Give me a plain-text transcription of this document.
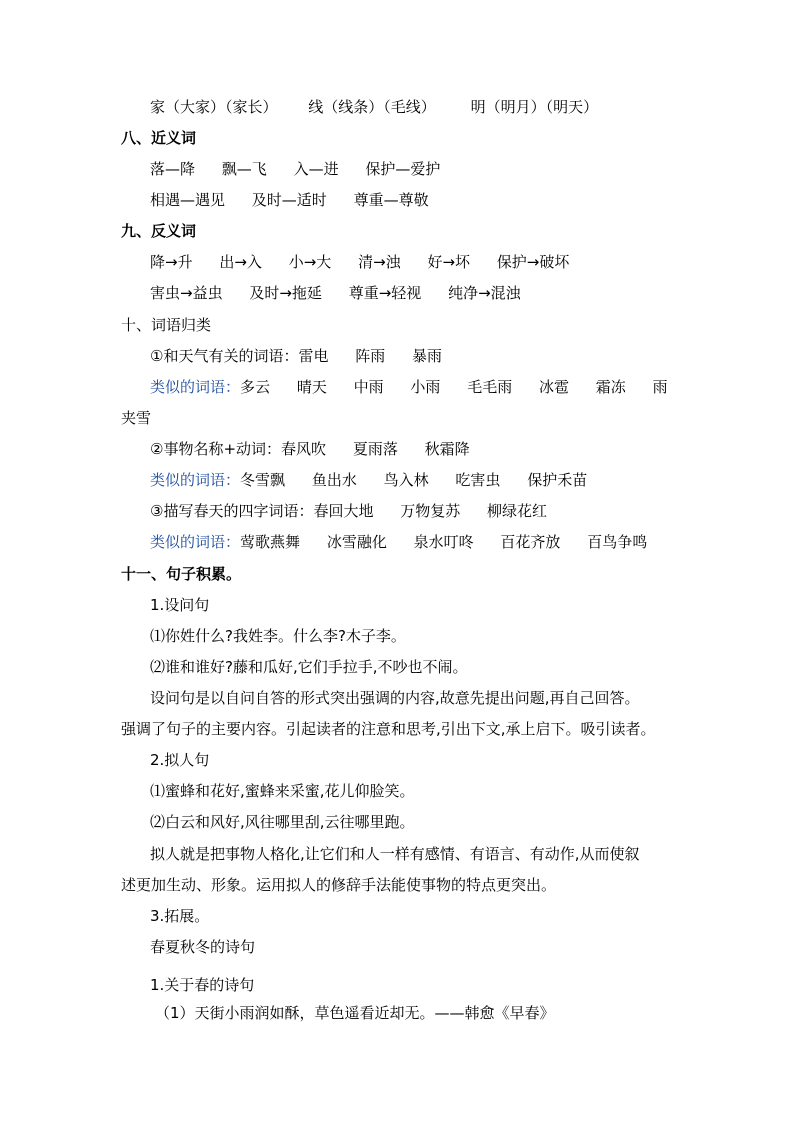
家（大家）（家长） 线（线条）（毛线） 明（明月）（明天）
八、近义词
落—降 飘—飞 入—进 保护—爱护
相遇—遇见 及时—适时 尊重—尊敬
九、反义词
降→升 出→入 小→大 清→浊 好→坏 保护→破坏
害虫→益虫 及时→拖延 尊重→轻视 纯净→混浊
十、词语归类
①和天气有关的词语：雷电 阵雨 暴雨
类似的词语：多云 晴天 中雨 小雨 毛毛雨 冰雹 霜冻 雨
夹雪
②事物名称+动词：春风吹 夏雨落 秋霜降
类似的词语：冬雪飘 鱼出水 鸟入林 吃害虫 保护禾苗
③描写春天的四字词语：春回大地 万物复苏 柳绿花红
类似的词语：莺歌燕舞 冰雪融化 泉水叮咚 百花齐放 百鸟争鸣
十一、句子积累。
1.设问句
⑴你姓什么?我姓李。什么李?木子李。
⑵谁和谁好?藤和瓜好,它们手拉手,不吵也不闹。
设问句是以自问自答的形式突出强调的内容,故意先提出问题,再自己回答。
强调了句子的主要内容。引起读者的注意和思考,引出下文,承上启下。吸引读者。
2.拟人句
⑴蜜蜂和花好,蜜蜂来采蜜,花儿仰脸笑。
⑵白云和风好,风往哪里刮,云往哪里跑。
拟人就是把事物人格化,让它们和人一样有感情、有语言、有动作,从而使叙
述更加生动、形象。运用拟人的修辞手法能使事物的特点更突出。
3.拓展。
春夏秋冬的诗句
1.关于春的诗句
（1）天街小雨润如酥，草色遥看近却无。——韩愈《早春》
